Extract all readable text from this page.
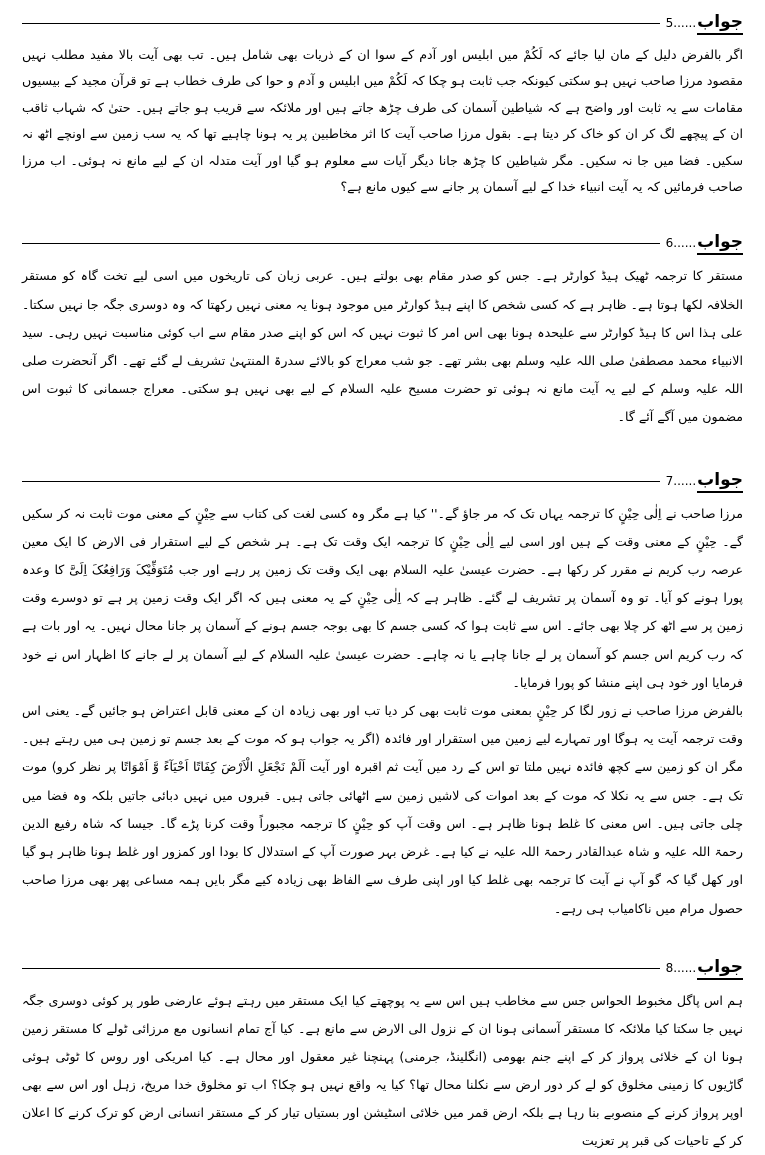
جواب
5......

اگر بالفرض دلیل کے مان لیا جائے کہ لَکُمْ میں ابلیس اور آدم کے سوا ان کے ذریات بھی شامل ہیں۔ تب بھی آیت بالا مفید مطلب نہیں مقصود مرزا صاحب نہیں ہو سکتی کیونکہ جب ثابت ہو چکا کہ لَکُمْ میں ابلیس و آدم و حوا کی طرف خطاب ہے تو قرآن مجید کے بیسیوں مقامات سے یہ ثابت اور واضح ہے کہ شیاطین آسمان کی طرف چڑھ جاتے ہیں اور ملائکہ سے قریب ہو جاتے ہیں۔ حتیٰ کہ شہاب ثاقب ان کے پیچھے لگ کر ان کو خاک کر دیتا ہے۔ بقول مرزا صاحب آیت کا اثر مخاطبین پر یہ ہونا چاہیے تھا کہ یہ سب زمین سے اونچے اٹھ نہ سکیں۔ فضا میں جا نہ سکیں۔ مگر شیاطین کا چڑھ جانا دیگر آیات سے معلوم ہو گیا اور آیت متدلہ ان کے لیے مانع نہ ہوئی۔ اب مرزا صاحب فرمائیں کہ یہ آیت انبیاء خدا کے لیے آسمان پر جانے سے کیوں مانع ہے؟

جواب
6......

مستقر کا ترجمہ ٹھیک ہیڈ کوارٹر ہے۔ جس کو صدر مقام بھی بولتے ہیں۔ عربی زبان کی تاریخوں میں اسی لیے تخت گاہ کو مستقر الخلافہ لکھا ہوتا ہے۔ ظاہر ہے کہ کسی شخص کا اپنے ہیڈ کوارٹر میں موجود ہونا یہ معنی نہیں رکھتا کہ وہ دوسری جگہ جا نہیں سکتا۔ علی ہذا اس کا ہیڈ کوارٹر سے علیحدہ ہونا بھی اس امر کا ثبوت نہیں کہ اس کو اپنے صدر مقام سے اب کوئی مناسبت نہیں رہی۔ سید الانبیاء محمد مصطفیٰ صلی اللہ علیہ وسلم بھی بشر تھے۔ جو شب معراج کو بالائے سدرۃ المنتہیٰ تشریف لے گئے تھے۔ اگر آنحضرت صلی اللہ علیہ وسلم کے لیے یہ آیت مانع نہ ہوئی تو حضرت مسیح علیہ السلام کے لیے بھی نہیں ہو سکتی۔ معراج جسمانی کا ثبوت اس مضمون میں آگے آئے گا۔

جواب
7......

مرزا صاحب نے اِلٰی حِیْنٍ کا ترجمہ یہاں تک کہ مر جاؤ گے۔'' کیا ہے مگر وہ کسی لغت کی کتاب سے حِیْنٍ کے معنی موت ثابت نہ کر سکیں گے۔ حِیْنٍ کے معنی وقت کے ہیں اور اسی لیے اِلٰی حِیْنٍ کا ترجمہ ایک وقت تک ہے۔ ہر شخص کے لیے استقرار فی الارض کا ایک معین عرصہ رب کریم نے مقرر کر رکھا ہے۔ حضرت عیسیٰ علیہ السلام بھی ایک وقت تک زمین پر رہے اور جب مُتَوَفِّیْکَ وَرَافِعُکَ اِلَیَّ کا وعدہ پورا ہونے کو آیا۔ تو وہ آسمان پر تشریف لے گئے۔ ظاہر ہے کہ اِلٰی حِیْنٍ کے یہ معنی ہیں کہ اگر ایک وقت زمین پر ہے تو دوسرے وقت زمین پر سے اٹھ کر چلا بھی جائے۔ اس سے ثابت ہوا کہ کسی جسم کا بھی بوجہ جسم ہونے کے آسمان پر جانا محال نہیں۔ یہ اور بات ہے کہ رب کریم اس جسم کو آسمان پر لے جانا چاہے یا نہ چاہے۔ حضرت عیسیٰ علیہ السلام کے لیے آسمان پر لے جانے کا اظہار اس نے خود فرمایا اور خود ہی اپنے منشا کو پورا فرمایا۔

بالفرض مرزا صاحب نے زور لگا کر حِیْنٍ بمعنی موت ثابت بھی کر دیا تب اور بھی زیادہ ان کے معنی قابل اعتراض ہو جائیں گے۔ یعنی اس وقت ترجمہ آیت یہ ہوگا اور تمہارے لیے زمین میں استقرار اور فائدہ (اگر یہ جواب ہو کہ موت کے بعد جسم تو زمین ہی میں رہتے ہیں۔ مگر ان کو زمین سے کچھ فائدہ نہیں ملتا تو اس کے رد میں آیت ثم اقبرہ اور آیت اَلَمْ نَجْعَلِ الْاَرْضَ کِفَاتًا اَحْیَآءً وَّ اَمْوَاتًا پر نظر کرو) موت تک ہے۔ جس سے یہ نکلا کہ موت کے بعد اموات کی لاشیں زمین سے اٹھائی جاتی ہیں۔ قبروں میں نہیں دبائی جاتیں بلکہ وہ فضا میں چلی جاتی ہیں۔ اس معنی کا غلط ہونا ظاہر ہے۔ اس وقت آپ کو حِیْنٍ کا ترجمہ مجبوراً وقت کرنا پڑے گا۔ جیسا کہ شاہ رفیع الدین رحمۃ اللہ علیہ و شاہ عبدالقادر رحمۃ اللہ علیہ نے کیا ہے۔ غرض بہر صورت آپ کے استدلال کا بودا اور کمزور اور غلط ہونا ظاہر ہو گیا اور کھل گیا کہ گو آپ نے آیت کا ترجمہ بھی غلط کیا اور اپنی طرف سے الفاظ بھی زیادہ کیے مگر بایں ہمہ مساعی پھر بھی مرزا صاحب حصول مرام میں ناکامیاب ہی رہے۔

جواب
8......

ہم اس پاگل مخبوط الحواس جس سے مخاطب ہیں اس سے یہ پوچھتے کیا ایک مستقر میں رہتے ہوئے عارضی طور پر کوئی دوسری جگہ نہیں جا سکتا کیا ملائکہ کا مستقر آسمانی ہونا ان کے نزول الی الارض سے مانع ہے۔ کیا آج تمام انسانوں مع مرزائی ٹولے کا مستقر زمین ہونا ان کے خلائی پرواز کر کے اپنے جنم بھومی (انگلینڈ، جرمنی) پہنچنا غیر معقول اور محال ہے۔ کیا امریکی اور روس کا ٹوٹی ہوئی گاڑیوں کا زمینی مخلوق کو لے کر دور ارض سے نکلنا محال تھا؟ کیا یہ واقع نہیں ہو چکا؟ اب تو مخلوق خدا مریخ، زہل اور اس سے بھی اوپر پرواز کرنے کے منصوبے بنا رہا ہے بلکہ ارض قمر میں خلائی اسٹیشن اور بستیاں تیار کر کے مستقر انسانی ارض کو ترک کرنے کا اعلان کر کے تاحیات کی قبر پر تعزیت
